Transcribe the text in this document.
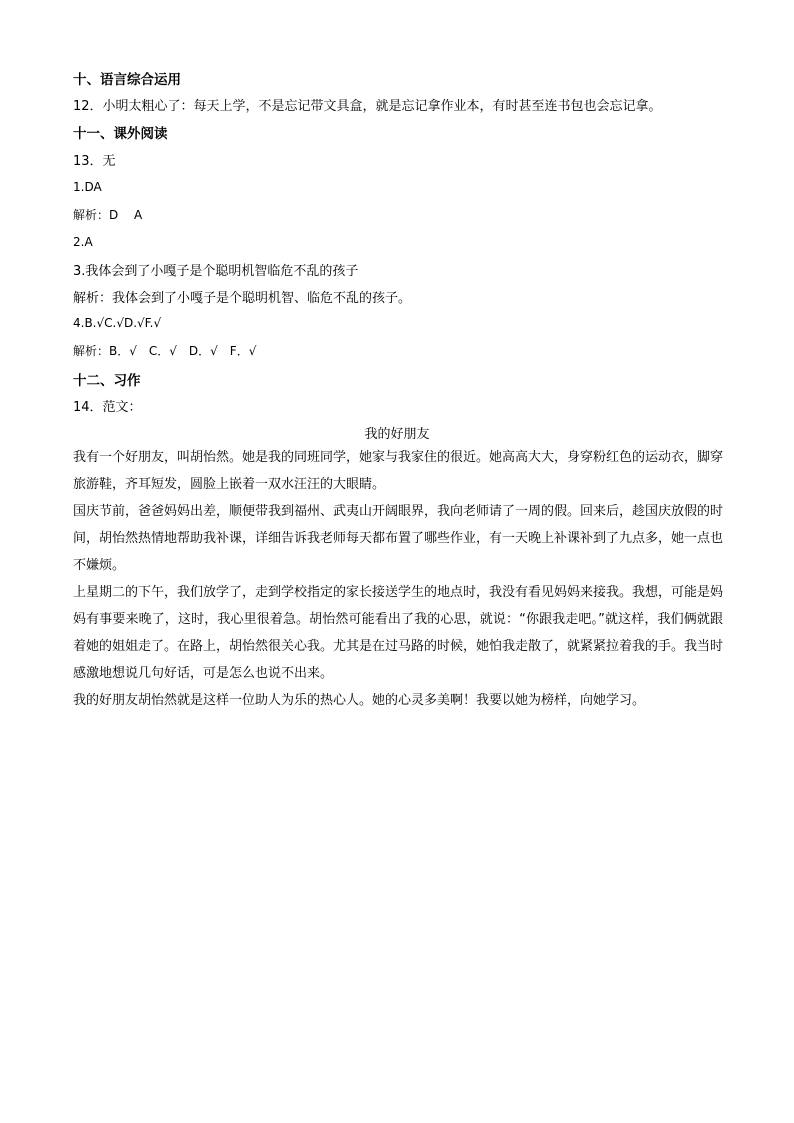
十、语言综合运用
12．小明太粗心了：每天上学，不是忘记带文具盒，就是忘记拿作业本，有时甚至连书包也会忘记拿。
十一、课外阅读
13．无
1.DA
解析：D　 A
2.A
3.我体会到了小嘎子是个聪明机智临危不乱的孩子
解析：我体会到了小嘎子是个聪明机智、临危不乱的孩子。
4.B.√C.√D.√F.√
解析：B．√　C．√　D．√　F．√
十二、习作
14．范文：
我的好朋友
我有一个好朋友，叫胡怡然。她是我的同班同学，她家与我家住的很近。她高高大大，身穿粉红色的运动衣，脚穿旅游鞋，齐耳短发，圆脸上嵌着一双水汪汪的大眼睛。
国庆节前，爸爸妈妈出差，顺便带我到福州、武夷山开阔眼界，我向老师请了一周的假。回来后，趁国庆放假的时间，胡怡然热情地帮助我补课，详细告诉我老师每天都布置了哪些作业，有一天晚上补课补到了九点多，她一点也不嫌烦。
上星期二的下午，我们放学了，走到学校指定的家长接送学生的地点时，我没有看见妈妈来接我。我想，可能是妈妈有事要来晚了，这时，我心里很着急。胡怡然可能看出了我的心思，就说：“你跟我走吧。”就这样，我们俩就跟着她的姐姐走了。在路上，胡怡然很关心我。尤其是在过马路的时候，她怕我走散了，就紧紧拉着我的手。我当时感激地想说几句好话，可是怎么也说不出来。
我的好朋友胡怡然就是这样一位助人为乐的热心人。她的心灵多美啊！我要以她为榜样，向她学习。
